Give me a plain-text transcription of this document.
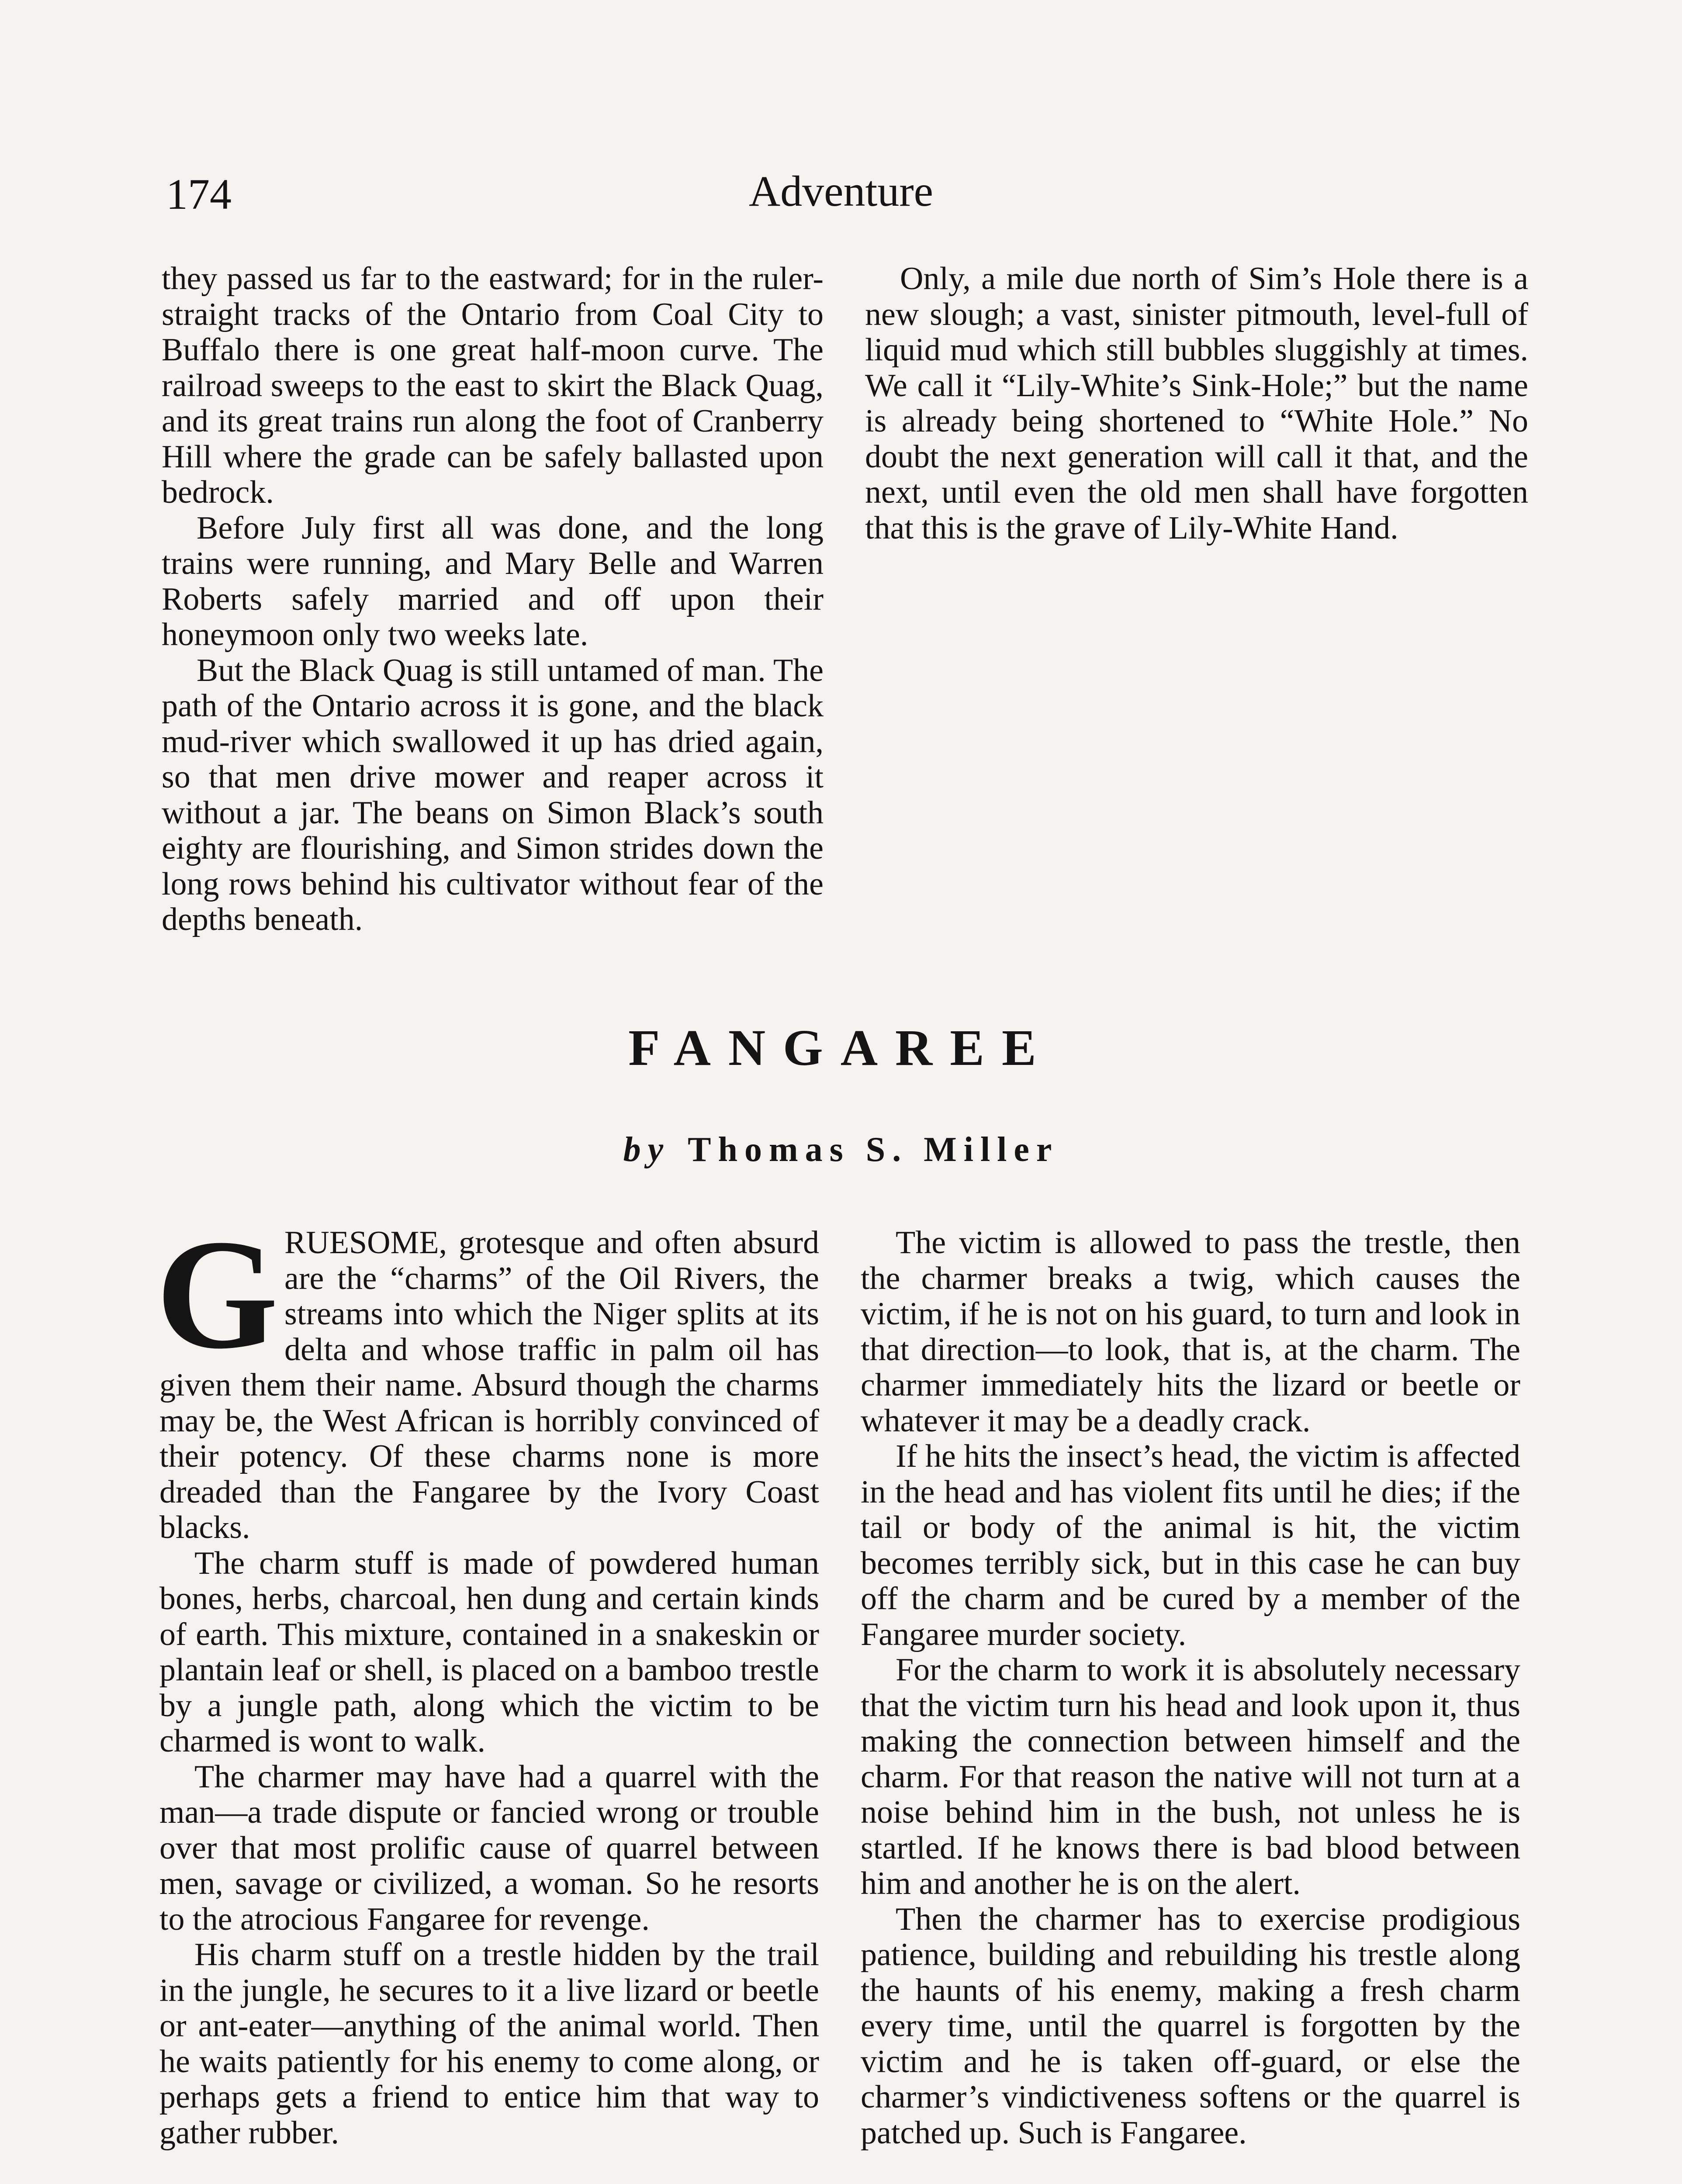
174	Adventure

they passed us far to the eastward; for in the ruler-straight tracks of the Ontario from Coal City to Buffalo there is one great half-moon curve. The railroad sweeps to the east to skirt the Black Quag, and its great trains run along the foot of Cranberry Hill where the grade can be safely ballasted upon bedrock.

Before July first all was done, and the long trains were running, and Mary Belle and Warren Roberts safely married and off upon their honeymoon only two weeks late.

But the Black Quag is still untamed of man. The path of the Ontario across it is gone, and the black mud-river which swallowed it up has dried again, so that men drive mower and reaper across it without a jar. The beans on Simon Black’s south eighty are flourishing, and Simon strides down the long rows behind his cultivator without fear of the depths beneath.

Only, a mile due north of Sim’s Hole there is a new slough; a vast, sinister pitmouth, level-full of liquid mud which still bubbles sluggishly at times. We call it “Lily-White’s Sink-Hole;” but the name is already being shortened to “White Hole.” No doubt the next generation will call it that, and the next, until even the old men shall have forgotten that this is the grave of Lily-White Hand.

FANGAREE
by Thomas S. Miller

GRUESOME, grotesque and often absurd are the “charms” of the Oil Rivers, the streams into which the Niger splits at its delta and whose traffic in palm oil has given them their name. Absurd though the charms may be, the West African is horribly convinced of their potency. Of these charms none is more dreaded than the Fangaree by the Ivory Coast blacks.

The charm stuff is made of powdered human bones, herbs, charcoal, hen dung and certain kinds of earth. This mixture, contained in a snakeskin or plantain leaf or shell, is placed on a bamboo trestle by a jungle path, along which the victim to be charmed is wont to walk.

The charmer may have had a quarrel with the man—a trade dispute or fancied wrong or trouble over that most prolific cause of quarrel between men, savage or civilized, a woman. So he resorts to the atrocious Fangaree for revenge.

His charm stuff on a trestle hidden by the trail in the jungle, he secures to it a live lizard or beetle or ant-eater—anything of the animal world. Then he waits patiently for his enemy to come along, or perhaps gets a friend to entice him that way to gather rubber.

The victim is allowed to pass the trestle, then the charmer breaks a twig, which causes the victim, if he is not on his guard, to turn and look in that direction—to look, that is, at the charm. The charmer immediately hits the lizard or beetle or whatever it may be a deadly crack.

If he hits the insect’s head, the victim is affected in the head and has violent fits until he dies; if the tail or body of the animal is hit, the victim becomes terribly sick, but in this case he can buy off the charm and be cured by a member of the Fangaree murder society.

For the charm to work it is absolutely necessary that the victim turn his head and look upon it, thus making the connection between himself and the charm. For that reason the native will not turn at a noise behind him in the bush, not unless he is startled. If he knows there is bad blood between him and another he is on the alert.

Then the charmer has to exercise prodigious patience, building and rebuilding his trestle along the haunts of his enemy, making a fresh charm every time, until the quarrel is forgotten by the victim and he is taken off-guard, or else the charmer’s vindictiveness softens or the quarrel is patched up. Such is Fangaree.
